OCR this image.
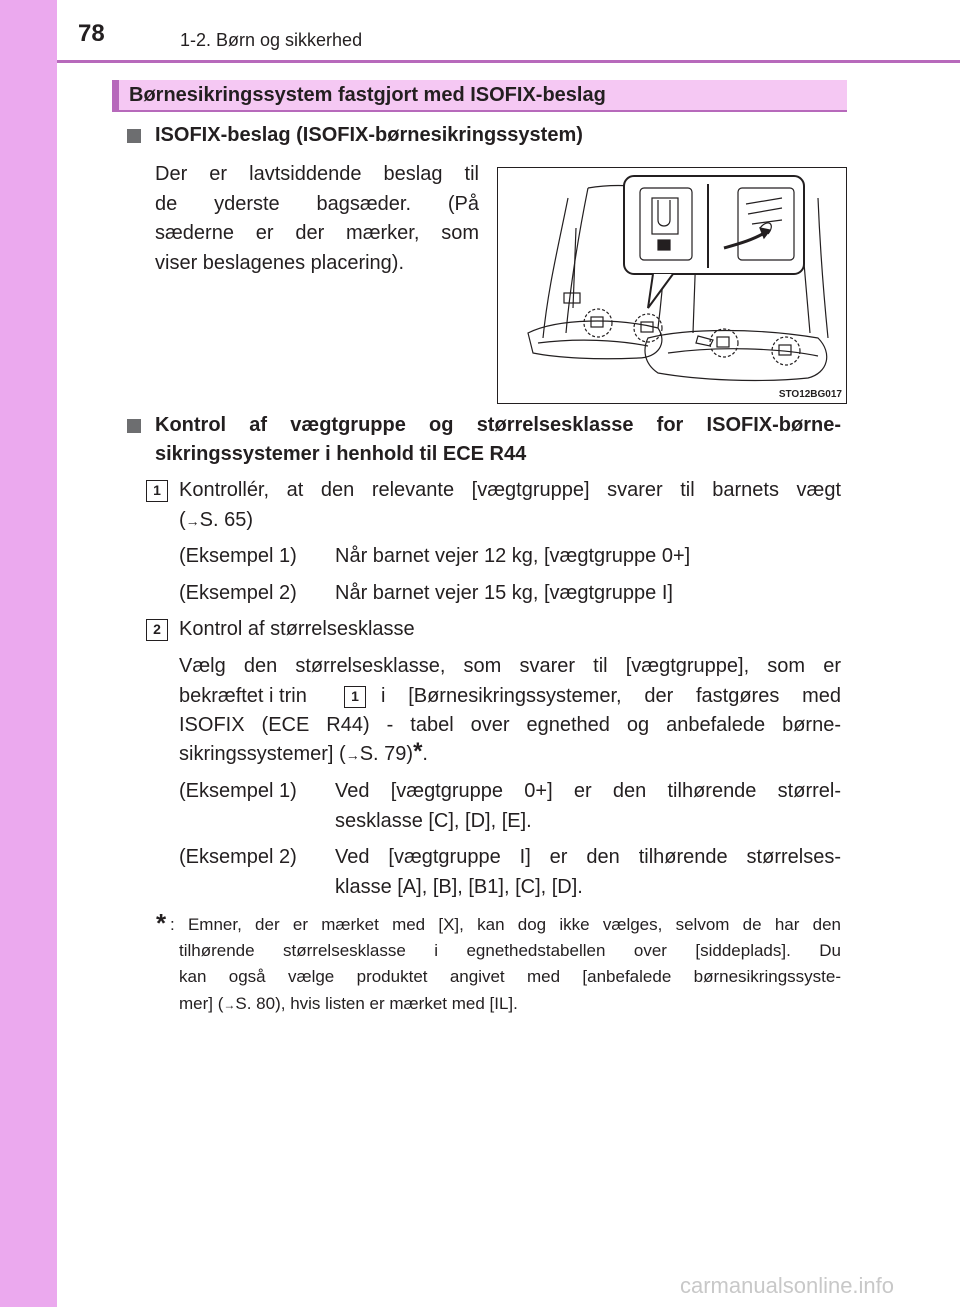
78	1-2. Børn og sikkerhed
Børnesikringssystem fastgjort med ISOFIX-beslag
ISOFIX-beslag (ISOFIX-børnesikringssystem)
Der er lavtsiddende beslag til
de yderste bagsæder. (På
sæderne er der mærker, som
viser beslagenes placering).
STO12BG017
Kontrol af vægtgruppe og størrelsesklasse for ISOFIX-børne-
sikringssystemer i henhold til ECE R44
1 Kontrollér, at den relevante [vægtgruppe] svarer til barnets vægt
(→S. 65)
(Eksempel 1) Når barnet vejer 12 kg, [vægtgruppe 0+]
(Eksempel 2) Når barnet vejer 15 kg, [vægtgruppe I]
2 Kontrol af størrelsesklasse
Vælg den størrelsesklasse, som svarer til [vægtgruppe], som er
bekræftet i trin	1	i [Børnesikringssystemer, der fastgøres med
ISOFIX (ECE R44) - tabel over egnethed og anbefalede børne-
sikringssystemer] (→S. 79)*.
(Eksempel 1) Ved [vægtgruppe 0+] er den tilhørende størrel-
sesklasse [C], [D], [E].
(Eksempel 2) Ved [vægtgruppe I] er den tilhørende størrelses-
klasse [A], [B], [B1], [C], [D].
* : Emner, der er mærket med [X], kan dog ikke vælges, selvom de har den
tilhørende størrelsesklasse i egnethedstabellen over [siddeplads]. Du
kan også vælge produktet angivet med [anbefalede børnesikringssyste-
mer] (→S. 80), hvis listen er mærket med [IL].
carmanualsonline.info
